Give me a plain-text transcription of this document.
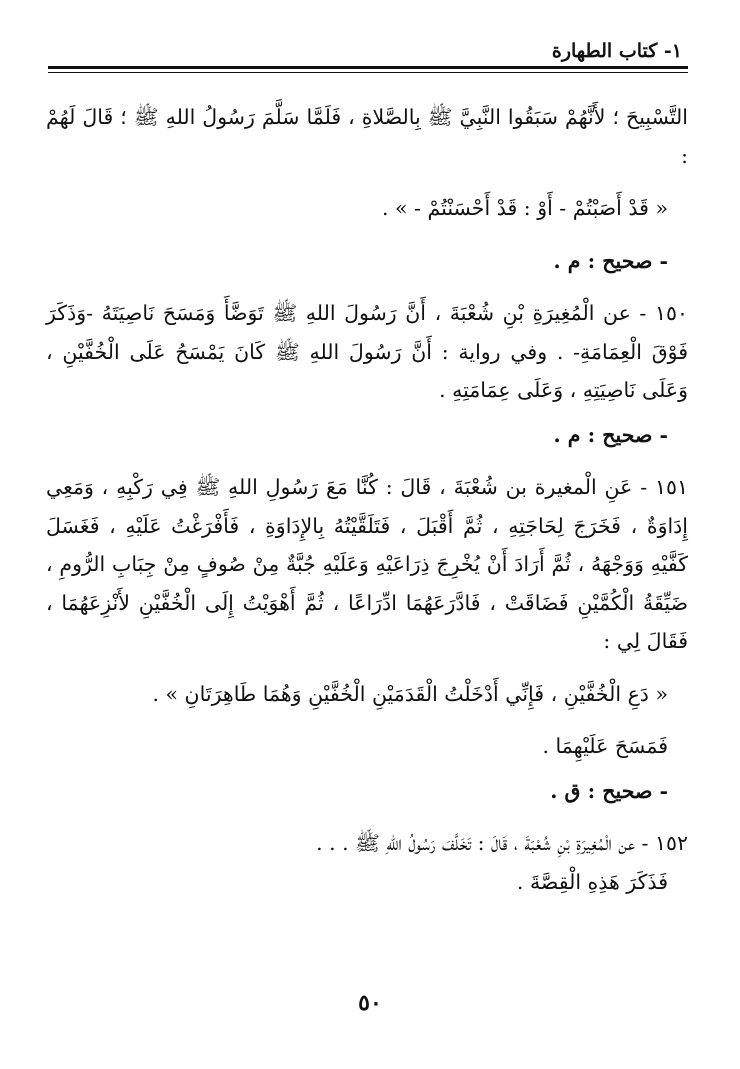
١- كتاب الطهارة

التَّسْبِيحَ ؛ لأَنَّهُمْ سَبَقُوا النَّبِيَّ ﷺ بِالصَّلاةِ ، فَلَمَّا سَلَّمَ رَسُولُ اللهِ ﷺ ؛ قَالَ لَهُمْ :

« قَدْ أَصَبْتُمْ - أَوْ : قَدْ أَحْسَنْتُمْ - » .

- صحيح : م .

١٥٠ - عن الْمُغِيرَةِ بْنِ شُعْبَةَ ، أَنَّ رَسُولَ اللهِ ﷺ تَوَضَّأَ وَمَسَحَ نَاصِيَتَهُ -وَذَكَرَ فَوْقَ الْعِمَامَةِ- . وفي رواية : أَنَّ رَسُولَ اللهِ ﷺ كَانَ يَمْسَحُ عَلَى الْخُفَّيْنِ ، وَعَلَى نَاصِيَتِهِ ، وَعَلَى عِمَامَتِهِ .

- صحيح : م .

١٥١ - عَنِ الْمغيرة بن شُعْبَةَ ، قَالَ : كُنَّا مَعَ رَسُولِ اللهِ ﷺ فِي رَكْبِهِ ، وَمَعِي إِدَاوَةٌ ، فَخَرَجَ لِحَاجَتِهِ ، ثُمَّ أَقْبَلَ ، فَتَلَقَّيْتُهُ بِالإِدَاوَةِ ، فَأَفْرَغْتُ عَلَيْهِ ، فَغَسَلَ كَفَّيْهِ وَوَجْهَهُ ، ثُمَّ أَرَادَ أَنْ يُخْرِجَ ذِرَاعَيْهِ وَعَلَيْهِ جُبَّةٌ مِنْ صُوفٍ مِنْ جِبَابِ الرُّومِ ، ضَيِّقَةُ الْكُمَّيْنِ فَضَاقَتْ ، فَادَّرَعَهُمَا ادِّرَاعًا ، ثُمَّ أَهْوَيْتُ إِلَى الْخُفَّيْنِ لأَنْزِعَهُمَا ، فَقَالَ لِي :

« دَعِ الْخُفَّيْنِ ، فَإِنِّي أَدْخَلْتُ الْقَدَمَيْنِ الْخُفَّيْنِ وَهُمَا طَاهِرَتَانِ » .

فَمَسَحَ عَلَيْهِمَا .

- صحيح : ق .

١٥٢ - عن الْمُغِيرَةِ بْنِ شُعْبَةَ ، قَالَ : تَخَلَّفَ رَسُولُ اللهِ ﷺ . . .

فَذَكَرَ هَذِهِ الْقِصَّةَ .

٥٠
